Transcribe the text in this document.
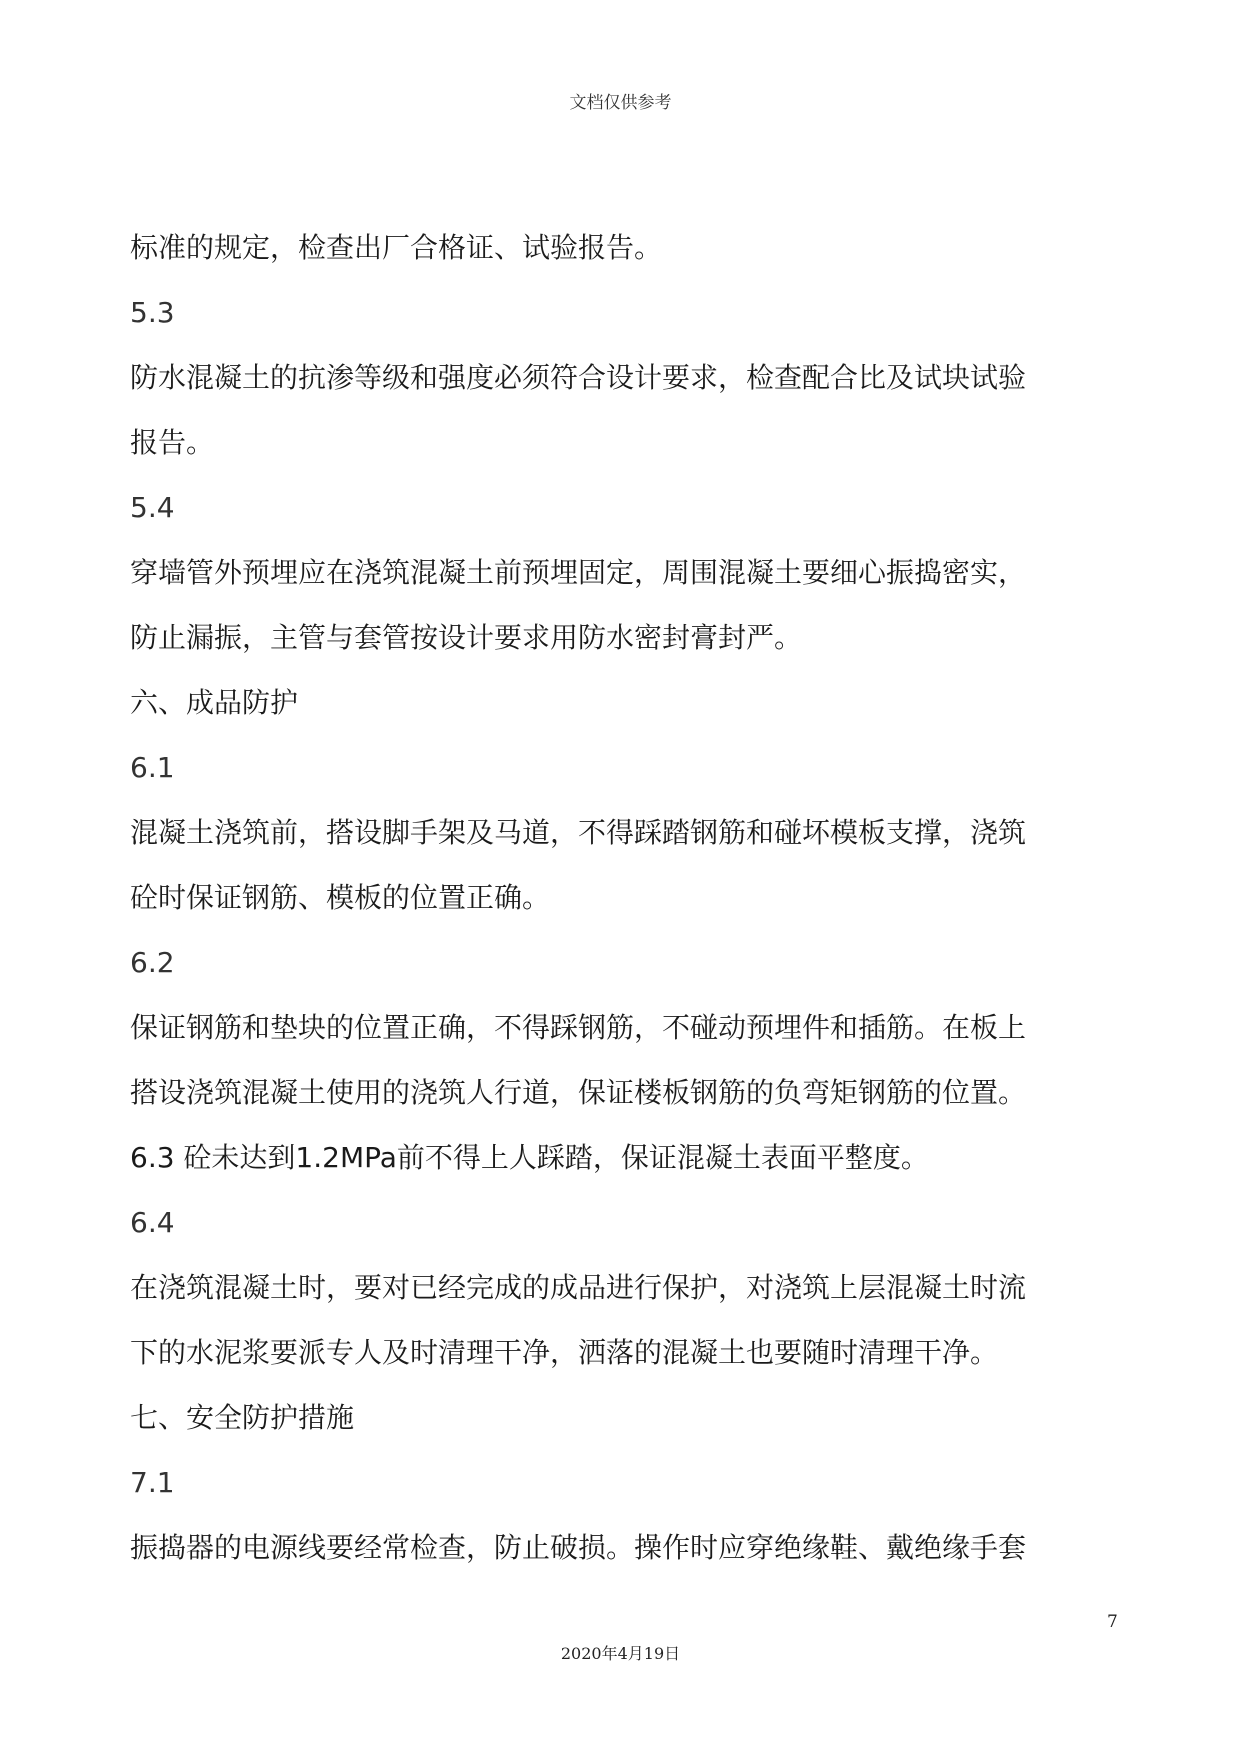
文档仅供参考
标准的规定，检查出厂合格证、试验报告。
5.3
防水混凝土的抗渗等级和强度必须符合设计要求，检查配合比及试块试验
报告。
5.4
穿墙管外预埋应在浇筑混凝土前预埋固定，周围混凝土要细心振捣密实，
防止漏振，主管与套管按设计要求用防水密封膏封严。
六、成品防护
6.1
混凝土浇筑前，搭设脚手架及马道，不得踩踏钢筋和碰坏模板支撑，浇筑
砼时保证钢筋、模板的位置正确。
6.2
保证钢筋和垫块的位置正确，不得踩钢筋，不碰动预埋件和插筋。在板上
搭设浇筑混凝土使用的浇筑人行道，保证楼板钢筋的负弯矩钢筋的位置。
6.3 砼未达到1.2MPa前不得上人踩踏，保证混凝土表面平整度。
6.4
在浇筑混凝土时，要对已经完成的成品进行保护，对浇筑上层混凝土时流
下的水泥浆要派专人及时清理干净，洒落的混凝土也要随时清理干净。
七、安全防护措施
7.1
振捣器的电源线要经常检查，防止破损。操作时应穿绝缘鞋、戴绝缘手套
7
2020年4月19日
